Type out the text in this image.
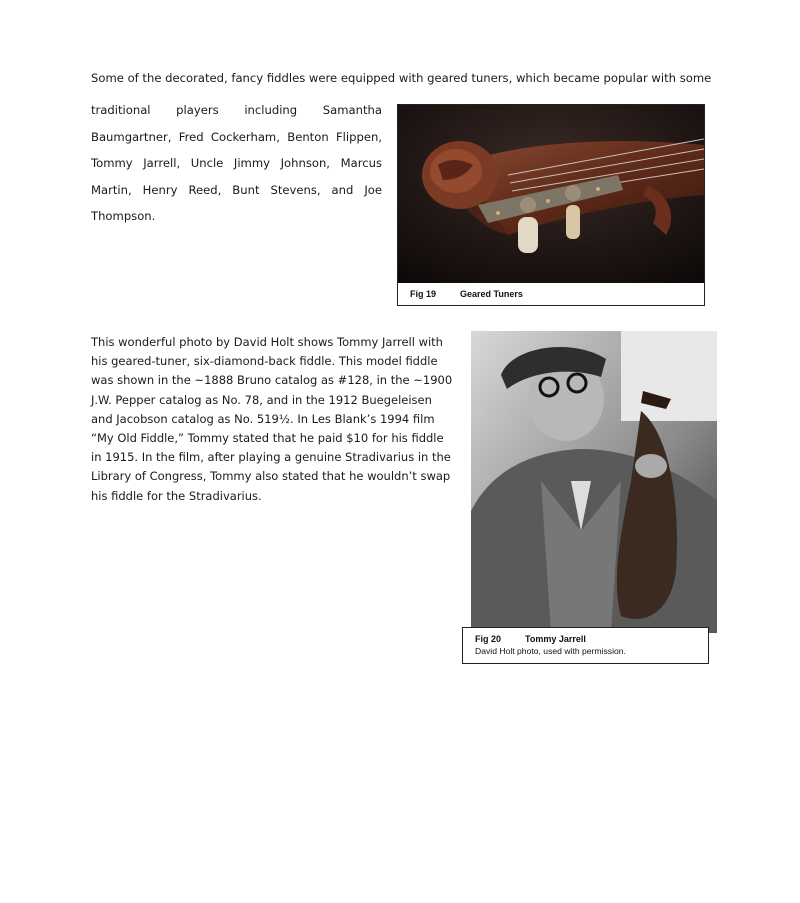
Some of the decorated, fancy fiddles were equipped with geared tuners, which became popular with some
traditional players including Samantha Baumgartner, Fred Cockerham, Benton Flippen, Tommy Jarrell, Uncle Jimmy Johnson, Marcus Martin, Henry Reed, Bunt Stevens, and Joe Thompson.
Fig 19	Geared Tuners
This wonderful photo by David Holt shows Tommy Jarrell with his geared-tuner, six-diamond-back fiddle. This model fiddle was shown in the ~1888 Bruno catalog as #128, in the ~1900 J.W. Pepper catalog as No. 78, and in the 1912 Buegeleisen and Jacobson catalog as No. 519½. In Les Blank’s 1994 film “My Old Fiddle,” Tommy stated that he paid $10 for his fiddle in 1915. In the film, after playing a genuine Stradivarius in the Library of Congress, Tommy also stated that he wouldn’t swap his fiddle for the Stradivarius.
Fig 20	Tommy Jarrell
David Holt photo, used with permission.
